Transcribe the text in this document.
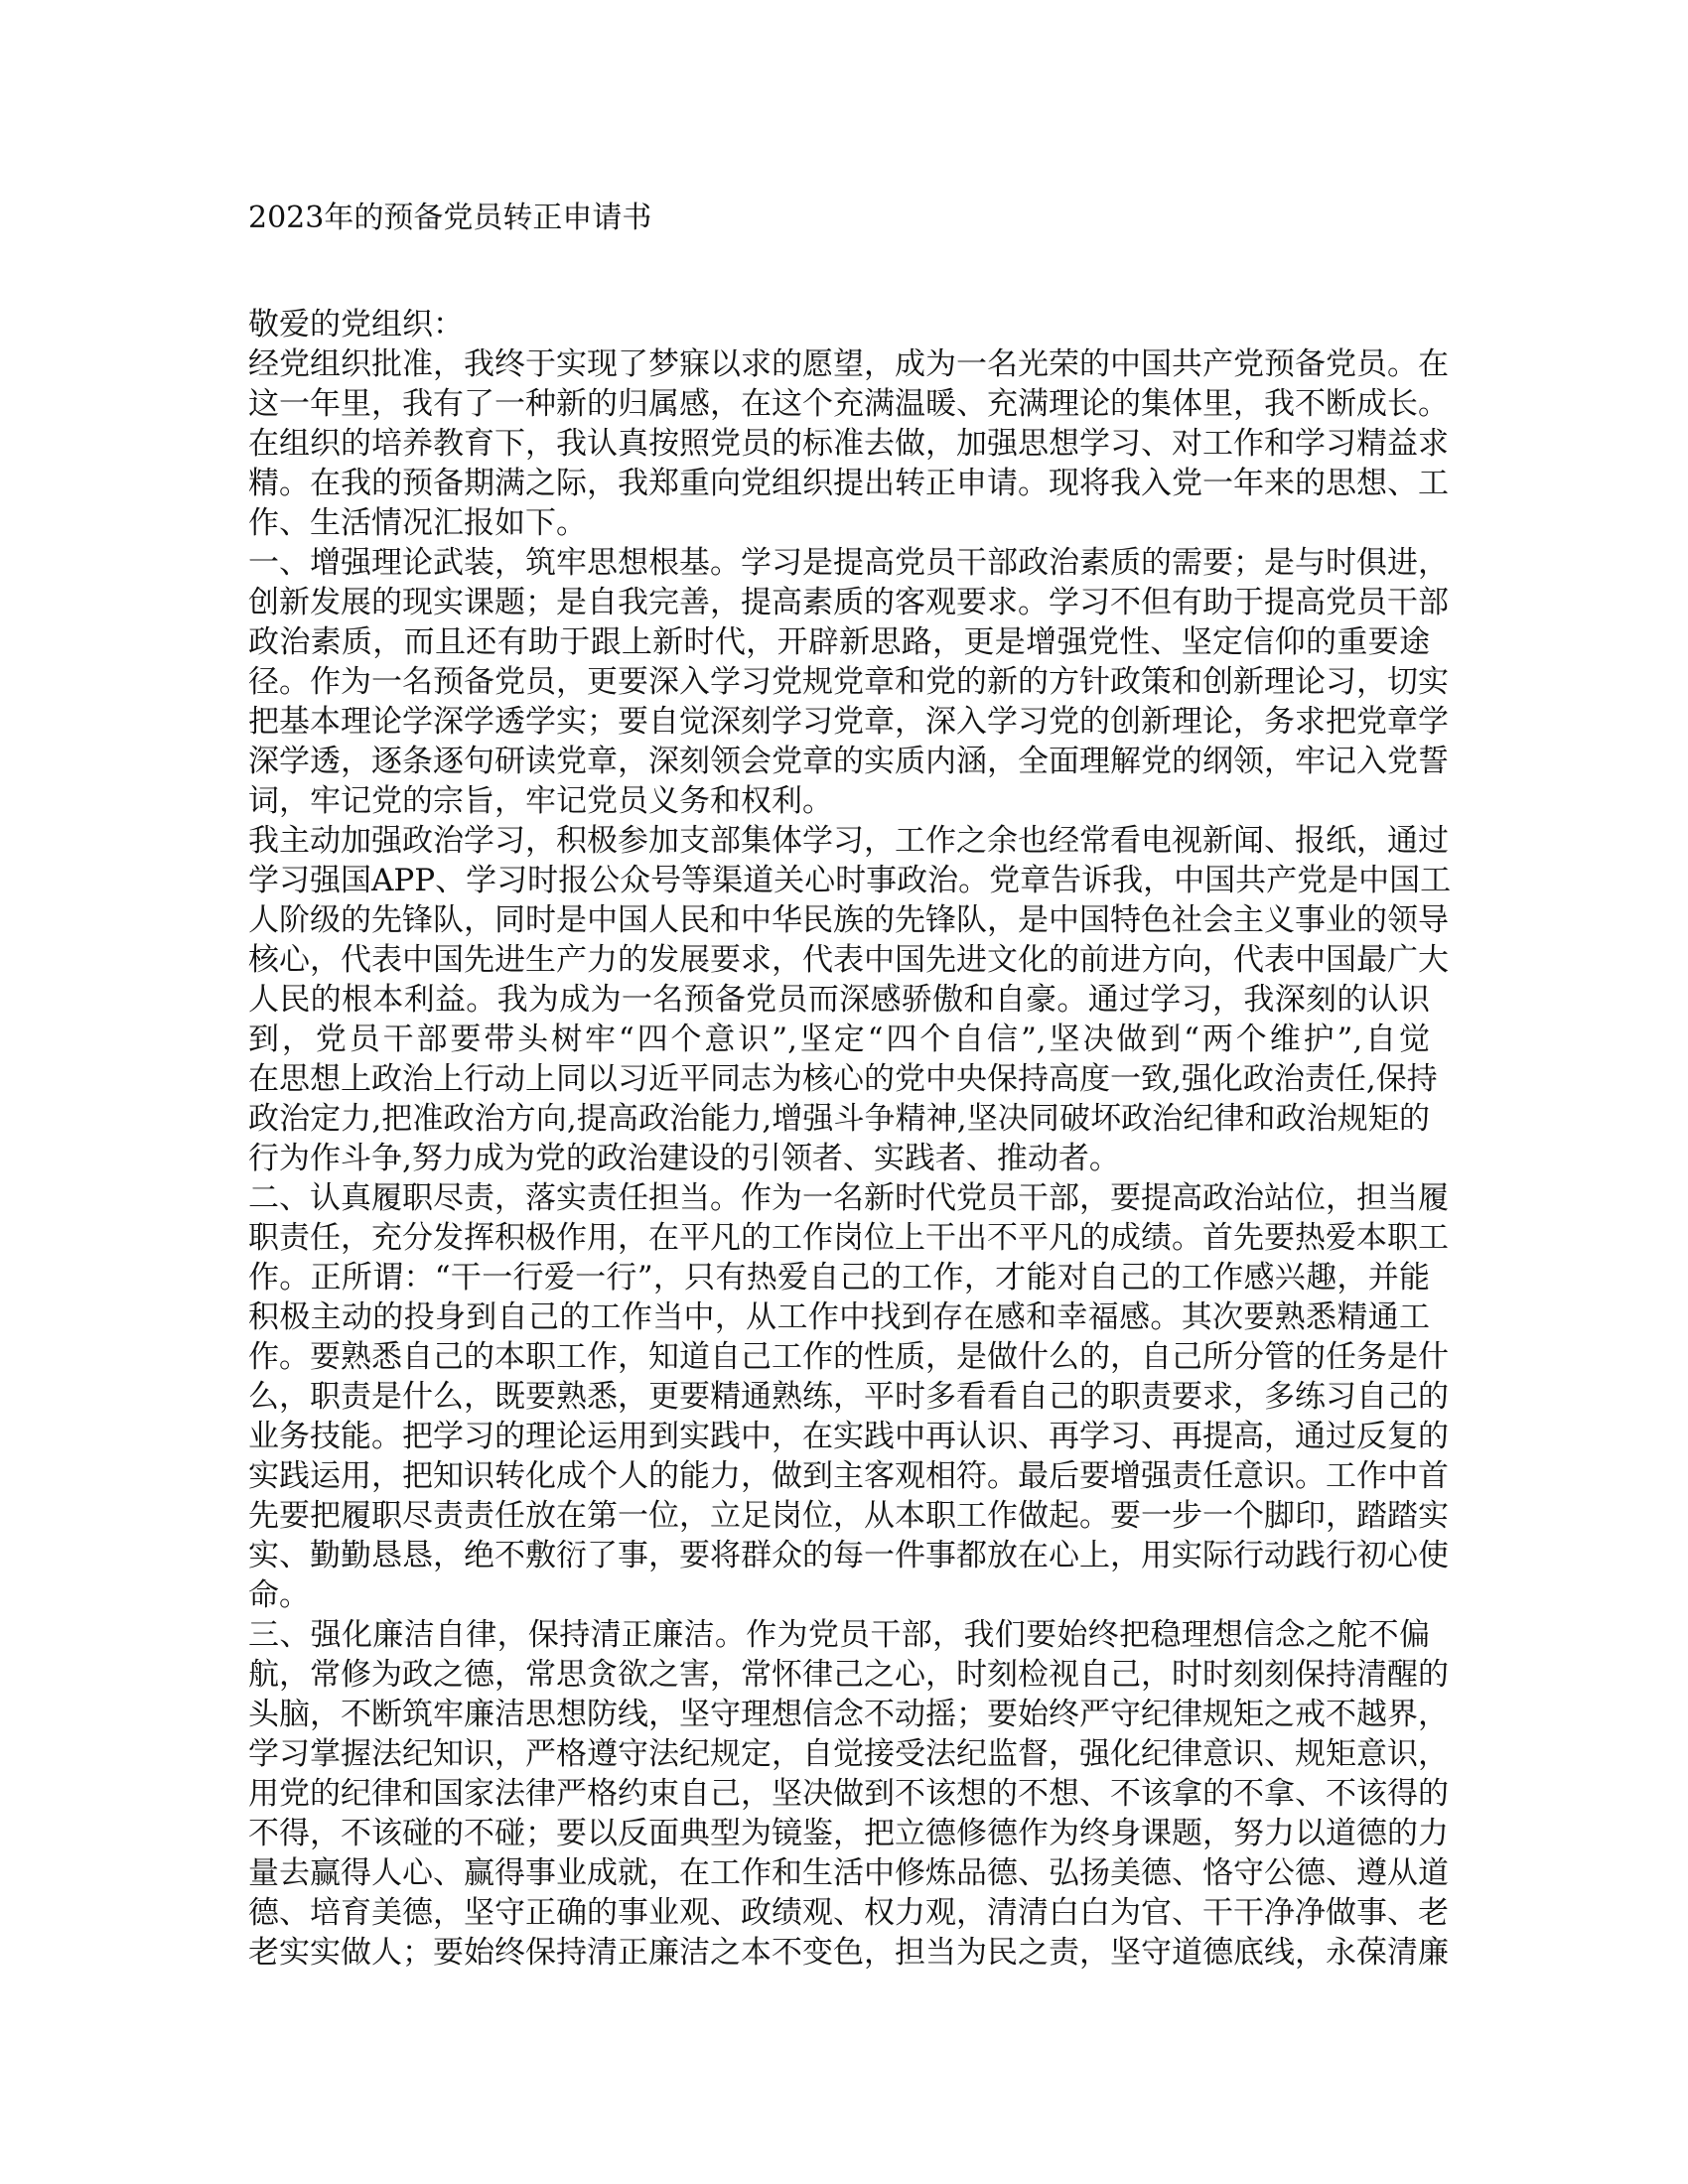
2023年的预备党员转正申请书
敬爱的党组织：
经党组织批准，我终于实现了梦寐以求的愿望，成为一名光荣的中国共产党预备党员。在
这一年里，我有了一种新的归属感，在这个充满温暖、充满理论的集体里，我不断成长。
在组织的培养教育下，我认真按照党员的标准去做，加强思想学习、对工作和学习精益求
精。在我的预备期满之际，我郑重向党组织提出转正申请。现将我入党一年来的思想、工
作、生活情况汇报如下。
一、增强理论武装，筑牢思想根基。学习是提高党员干部政治素质的需要；是与时俱进，
创新发展的现实课题；是自我完善，提高素质的客观要求。学习不但有助于提高党员干部
政治素质，而且还有助于跟上新时代，开辟新思路，更是增强党性、坚定信仰的重要途
径。作为一名预备党员，更要深入学习党规党章和党的新的方针政策和创新理论习，切实
把基本理论学深学透学实；要自觉深刻学习党章，深入学习党的创新理论，务求把党章学
深学透，逐条逐句研读党章，深刻领会党章的实质内涵，全面理解党的纲领，牢记入党誓
词，牢记党的宗旨，牢记党员义务和权利。
我主动加强政治学习，积极参加支部集体学习，工作之余也经常看电视新闻、报纸，通过
学习强国APP、学习时报公众号等渠道关心时事政治。党章告诉我，中国共产党是中国工
人阶级的先锋队，同时是中国人民和中华民族的先锋队，是中国特色社会主义事业的领导
核心，代表中国先进生产力的发展要求，代表中国先进文化的前进方向，代表中国最广大
人民的根本利益。我为成为一名预备党员而深感骄傲和自豪。通过学习，我深刻的认识
到，党员干部要带头树牢“四个意识”,坚定“四个自信”,坚决做到“两个维护”,自觉
在思想上政治上行动上同以习近平同志为核心的党中央保持高度一致,强化政治责任,保持
政治定力,把准政治方向,提高政治能力,增强斗争精神,坚决同破坏政治纪律和政治规矩的
行为作斗争,努力成为党的政治建设的引领者、实践者、推动者。
二、认真履职尽责，落实责任担当。作为一名新时代党员干部，要提高政治站位，担当履
职责任，充分发挥积极作用，在平凡的工作岗位上干出不平凡的成绩。首先要热爱本职工
作。正所谓：“干一行爱一行”，只有热爱自己的工作，才能对自己的工作感兴趣，并能
积极主动的投身到自己的工作当中，从工作中找到存在感和幸福感。其次要熟悉精通工
作。要熟悉自己的本职工作，知道自己工作的性质，是做什么的，自己所分管的任务是什
么，职责是什么，既要熟悉，更要精通熟练，平时多看看自己的职责要求，多练习自己的
业务技能。把学习的理论运用到实践中，在实践中再认识、再学习、再提高，通过反复的
实践运用，把知识转化成个人的能力，做到主客观相符。最后要增强责任意识。工作中首
先要把履职尽责责任放在第一位，立足岗位，从本职工作做起。要一步一个脚印，踏踏实
实、勤勤恳恳，绝不敷衍了事，要将群众的每一件事都放在心上，用实际行动践行初心使
命。
三、强化廉洁自律，保持清正廉洁。作为党员干部，我们要始终把稳理想信念之舵不偏
航，常修为政之德，常思贪欲之害，常怀律己之心，时刻检视自己，时时刻刻保持清醒的
头脑，不断筑牢廉洁思想防线，坚守理想信念不动摇；要始终严守纪律规矩之戒不越界，
学习掌握法纪知识，严格遵守法纪规定，自觉接受法纪监督，强化纪律意识、规矩意识，
用党的纪律和国家法律严格约束自己，坚决做到不该想的不想、不该拿的不拿、不该得的
不得，不该碰的不碰；要以反面典型为镜鉴，把立德修德作为终身课题，努力以道德的力
量去赢得人心、赢得事业成就，在工作和生活中修炼品德、弘扬美德、恪守公德、遵从道
德、培育美德，坚守正确的事业观、政绩观、权力观，清清白白为官、干干净净做事、老
老实实做人；要始终保持清正廉洁之本不变色，担当为民之责，坚守道德底线，永葆清廉
